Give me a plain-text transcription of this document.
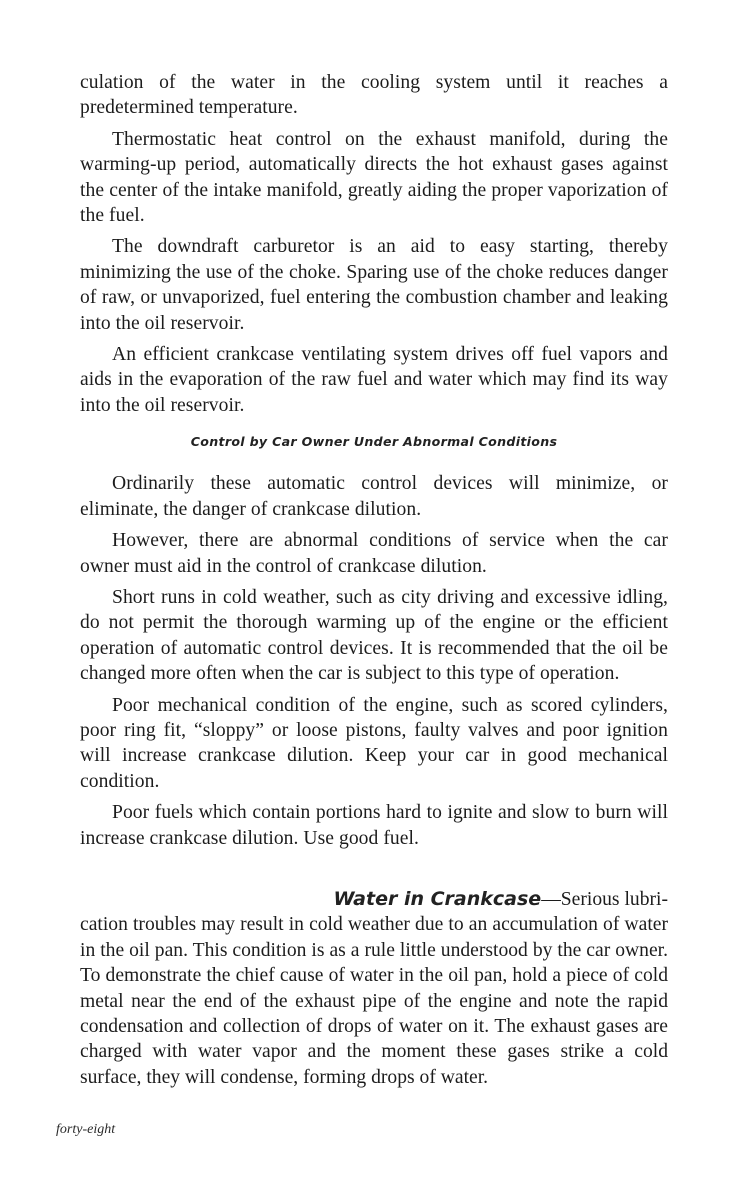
culation of the water in the cooling system until it reaches a predetermined temperature.

Thermostatic heat control on the exhaust manifold, during the warming-up period, automatically directs the hot exhaust gases against the center of the intake manifold, greatly aiding the proper vaporization of the fuel.

The downdraft carburetor is an aid to easy starting, thereby minimizing the use of the choke. Sparing use of the choke reduces danger of raw, or unvaporized, fuel entering the combustion chamber and leaking into the oil reservoir.

An efficient crankcase ventilating system drives off fuel vapors and aids in the evaporation of the raw fuel and water which may find its way into the oil reservoir.

Control by Car Owner Under Abnormal Conditions

Ordinarily these automatic control devices will minimize, or eliminate, the danger of crankcase dilution.

However, there are abnormal conditions of service when the car owner must aid in the control of crankcase dilution.

Short runs in cold weather, such as city driving and excessive idling, do not permit the thorough warming up of the engine or the efficient operation of automatic control devices. It is recommended that the oil be changed more often when the car is subject to this type of operation.

Poor mechanical condition of the engine, such as scored cylinders, poor ring fit, “sloppy” or loose pistons, faulty valves and poor ignition will increase crankcase dilution. Keep your car in good mechanical condition.

Poor fuels which contain portions hard to ignite and slow to burn will increase crankcase dilution. Use good fuel.

Water in Crankcase—Serious lubri-
cation troubles may result in cold weather due to an accumulation of water in the oil pan. This condition is as a rule little understood by the car owner. To demonstrate the chief cause of water in the oil pan, hold a piece of cold metal near the end of the exhaust pipe of the engine and note the rapid condensation and collection of drops of water on it. The exhaust gases are charged with water vapor and the moment these gases strike a cold surface, they will condense, forming drops of water.
forty-eight
